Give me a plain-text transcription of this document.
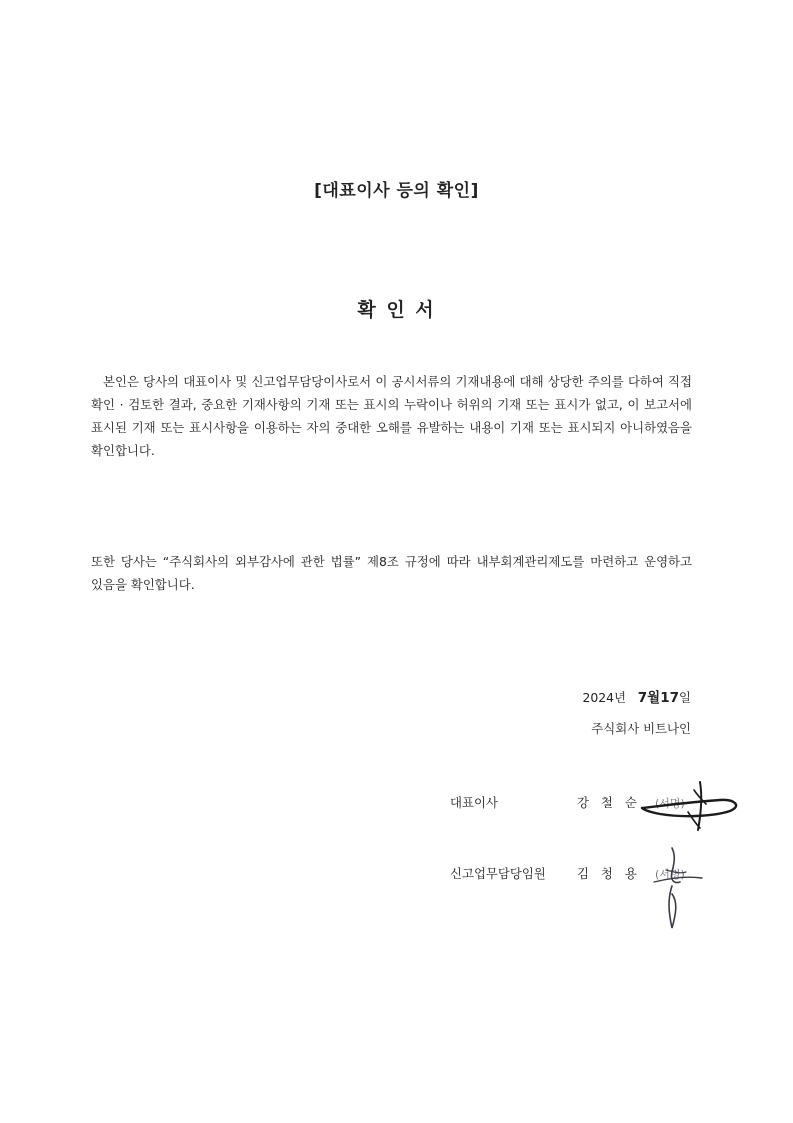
[대표이사 등의 확인]
확 인 서
본인은 당사의 대표이사 및 신고업무담당이사로서 이 공시서류의 기재내용에 대해 상당한 주의를 다하여 직접 확인 · 검토한 결과, 중요한 기재사항의 기재 또는 표시의 누락이나 허위의 기재 또는 표시가 없고, 이 보고서에 표시된 기재 또는 표시사항을 이용하는 자의 중대한 오해를 유발하는 내용이 기재 또는 표시되지 아니하였음을 확인합니다.
또한 당사는 “주식회사의 외부감사에 관한 법률” 제8조 규정에 따라 내부회계관리제도를 마련하고 운영하고 있음을 확인합니다.
2024년 7월17일
주식회사 비트나인
대표이사	강 철 순 (서명)
신고업무담당임원	김 청 용 (서명)
